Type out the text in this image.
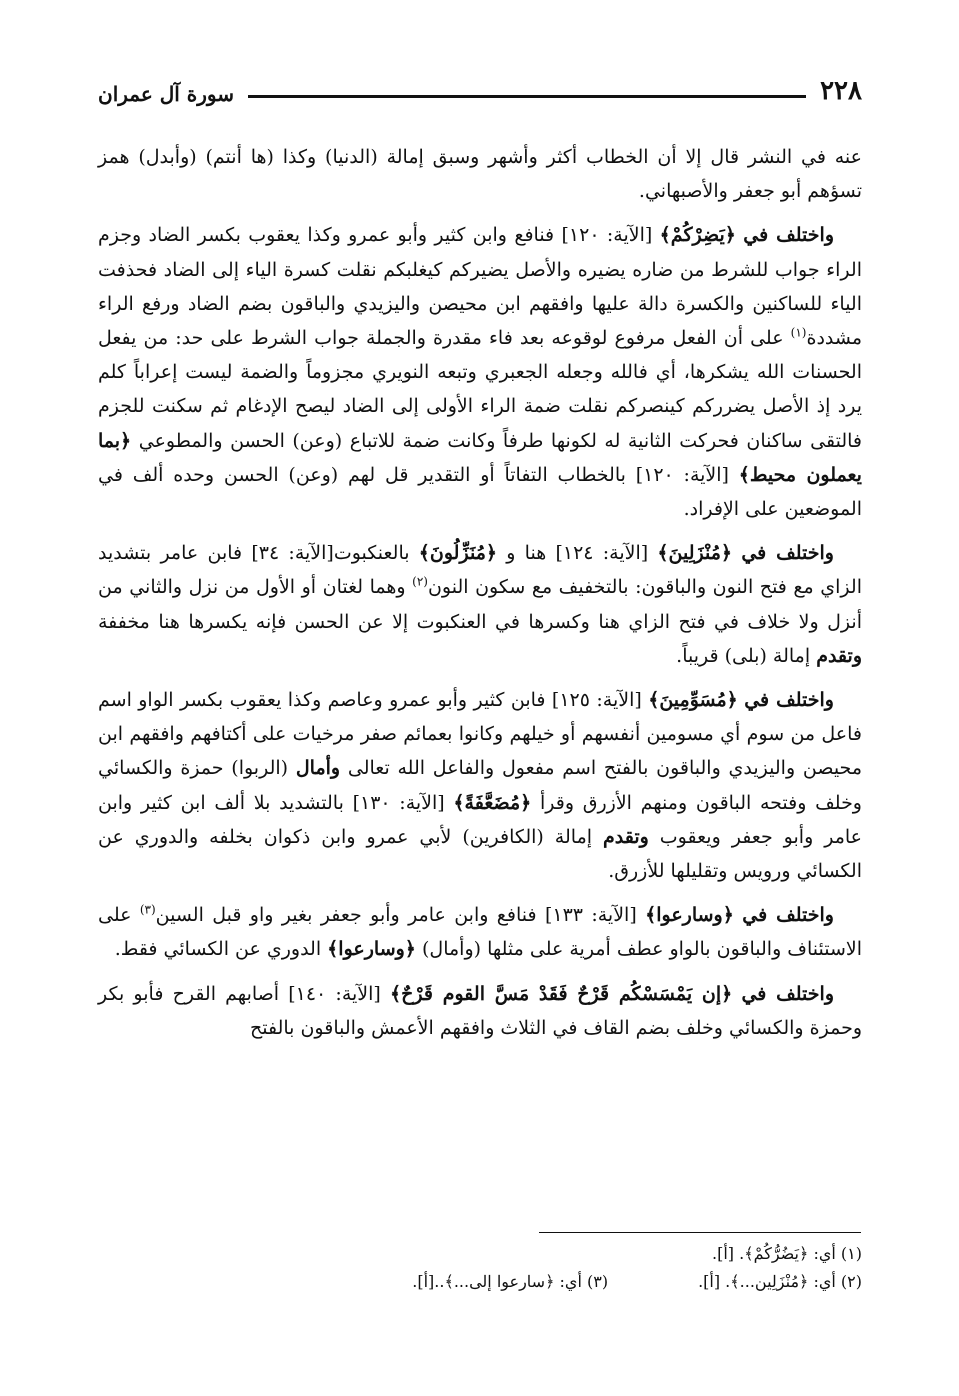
٢٢٨
سورة آل عمران

عنه في النشر قال إلا أن الخطاب أكثر وأشهر وسبق إمالة (الدنيا) وكذا (ها أنتم) (وأبدل) همز تسؤهم أبو جعفر والأصبهاني.

واختلف في ﴿يَضِرْكُمْ﴾ [الآية: ١٢٠] فنافع وابن كثير وأبو عمرو وكذا يعقوب بكسر الضاد وجزم الراء جواب للشرط من ضاره يضيره والأصل يضيركم كيغلبكم نقلت كسرة الياء إلى الضاد فحذفت الياء للساكنين والكسرة دالة عليها وافقهم ابن محيصن واليزيدي والباقون بضم الضاد ورفع الراء مشددة$^{(١)}$ على أن الفعل مرفوع لوقوعه بعد فاء مقدرة والجملة جواب الشرط على حد: من يفعل الحسنات الله يشكرها، أي فالله وجعله الجعبري وتبعه النويري مجزوماً والضمة ليست إعراباً كلم يرد إذ الأصل يضرركم كينصركم نقلت ضمة الراء الأولى إلى الضاد ليصح الإدغام ثم سكنت للجزم فالتقى ساكنان فحركت الثانية له لكونها طرفاً وكانت ضمة للاتباع (وعن) الحسن والمطوعي ﴿بما يعملون محيط﴾ [الآية: ١٢٠] بالخطاب التفاتاً أو التقدير قل لهم (وعن) الحسن وحده ألف في الموضعين على الإفراد.

واختلف في ﴿مُنْزَلِينَ﴾ [الآية: ١٢٤] هنا و ﴿مُنَزِّلُونَ﴾ بالعنكبوت[الآية: ٣٤] فابن عامر بتشديد الزاي مع فتح النون والباقون: بالتخفيف مع سكون النون$^{(٢)}$ وهما لغتان أو الأول من نزل والثاني من أنزل ولا خلاف في فتح الزاي هنا وكسرها في العنكبوت إلا عن الحسن فإنه يكسرها هنا مخففة وتقدم إمالة (بلى) قريباً.

واختلف في ﴿مُسَوِّمِينَ﴾ [الآية: ١٢٥] فابن كثير وأبو عمرو وعاصم وكذا يعقوب بكسر الواو اسم فاعل من سوم أي مسومين أنفسهم أو خيلهم وكانوا بعمائم صفر مرخيات على أكتافهم وافقهم ابن محيصن واليزيدي والباقون بالفتح اسم مفعول والفاعل الله تعالى وأمال (الربوا) حمزة والكسائي وخلف وفتحه الباقون ومنهم الأزرق وقرأ ﴿مُضَعَّفَةً﴾ [الآية: ١٣٠] بالتشديد بلا ألف ابن كثير وابن عامر وأبو جعفر ويعقوب وتقدم إمالة (الكافرين) لأبي عمرو وابن ذكوان بخلفه والدوري عن الكسائي ورويس وتقليلها للأزرق.

واختلف في ﴿وسارعوا﴾ [الآية: ١٣٣] فنافع وابن عامر وأبو جعفر بغير واو قبل السين$^{(٣)}$ على الاستئناف والباقون بالواو عطف أمرية على مثلها (وأمال) ﴿وسارعوا﴾ الدوري عن الكسائي فقط.

واختلف في ﴿إن يَمْسَسْكُم قَرْحٌ فَقَدْ مَسَّ القوم قَرْحٌ﴾ [الآية: ١٤٠] أصابهم القرح فأبو بكر وحمزة والكسائي وخلف بضم القاف في الثلاث وافقهم الأعمش والباقون بالفتح

(١) أي: ﴿يَضُرُّكُمْ﴾. [أ].
(٢) أي: ﴿مُنْزَلِين...﴾. [أ].
(٣) أي: ﴿سارعوا إلى...﴾..[أ].
